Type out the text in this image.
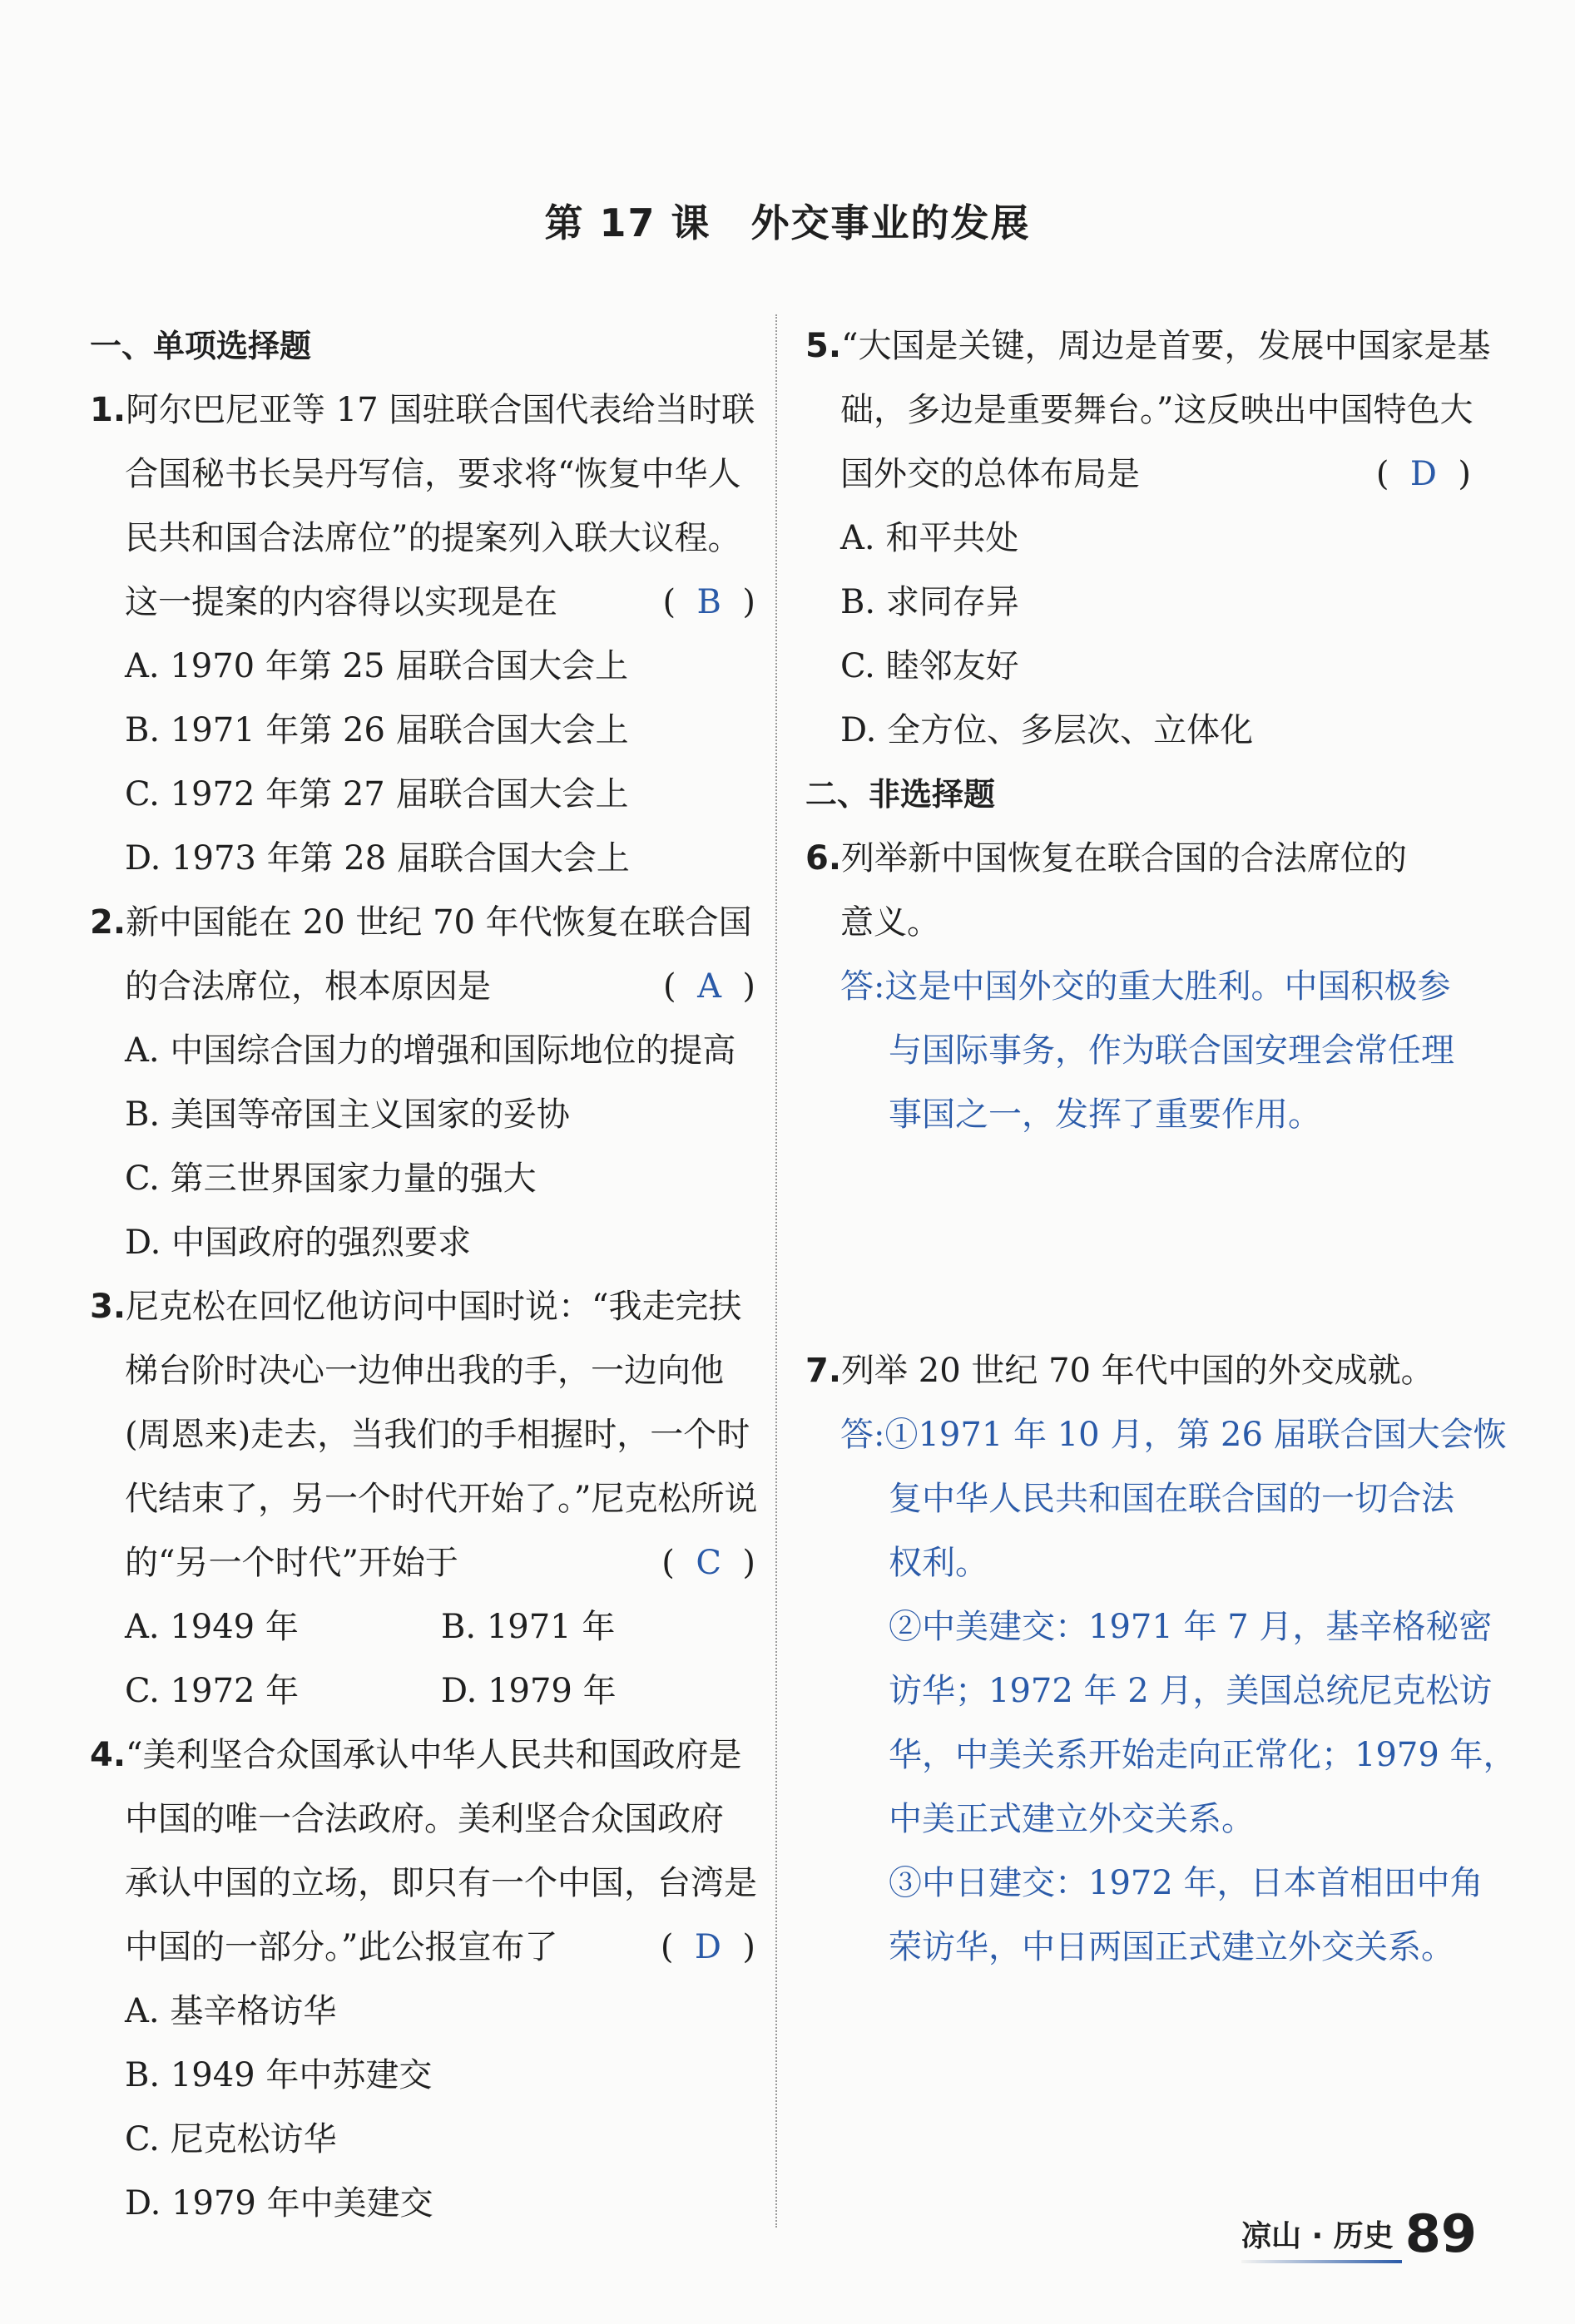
第 17 课　外交事业的发展
一、单项选择题
1.阿尔巴尼亚等 17 国驻联合国代表给当时联
合国秘书长吴丹写信，要求将“恢复中华人
民共和国合法席位”的提案列入联大议程。
这一提案的内容得以实现是在	( B )
A. 1970 年第 25 届联合国大会上
B. 1971 年第 26 届联合国大会上
C. 1972 年第 27 届联合国大会上
D. 1973 年第 28 届联合国大会上
2.新中国能在 20 世纪 70 年代恢复在联合国
的合法席位，根本原因是	( A )
A. 中国综合国力的增强和国际地位的提高
B. 美国等帝国主义国家的妥协
C. 第三世界国家力量的强大
D. 中国政府的强烈要求
3.尼克松在回忆他访问中国时说：“我走完扶
梯台阶时决心一边伸出我的手，一边向他
(周恩来)走去，当我们的手相握时，一个时
代结束了，另一个时代开始了。”尼克松所说
的“另一个时代”开始于	( C )
A. 1949 年	B. 1971 年
C. 1972 年	D. 1979 年
4.“美利坚合众国承认中华人民共和国政府是
中国的唯一合法政府。美利坚合众国政府
承认中国的立场，即只有一个中国，台湾是
中国的一部分。”此公报宣布了	( D )
A. 基辛格访华
B. 1949 年中苏建交
C. 尼克松访华
D. 1979 年中美建交
5.“大国是关键，周边是首要，发展中国家是基
础，多边是重要舞台。”这反映出中国特色大
国外交的总体布局是	( D )
A. 和平共处
B. 求同存异
C. 睦邻友好
D. 全方位、多层次、立体化
二、非选择题
6.列举新中国恢复在联合国的合法席位的
意义。
答:这是中国外交的重大胜利。中国积极参
与国际事务，作为联合国安理会常任理
事国之一，发挥了重要作用。
7.列举 20 世纪 70 年代中国的外交成就。
答:①1971 年 10 月，第 26 届联合国大会恢
复中华人民共和国在联合国的一切合法
权利。
②中美建交：1971 年 7 月，基辛格秘密
访华；1972 年 2 月，美国总统尼克松访
华，中美关系开始走向正常化；1979 年，
中美正式建立外交关系。
③中日建交：1972 年，日本首相田中角
荣访华，中日两国正式建立外交关系。
凉山 · 历史 89
